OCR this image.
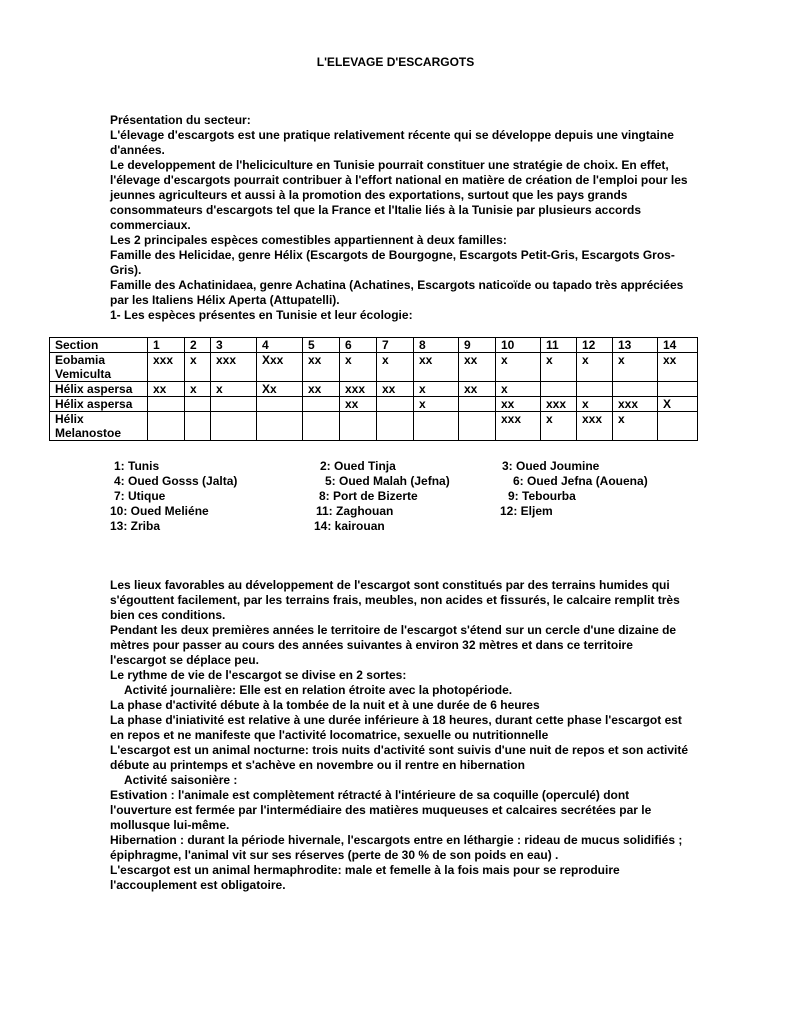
L'ELEVAGE D'ESCARGOTS
Présentation du secteur:
L'élevage d'escargots est une pratique relativement récente qui se développe depuis une vingtaine d'années.
Le developpement de l'heliciculture en Tunisie pourrait constituer une stratégie de choix. En effet, l'élevage d'escargots pourrait contribuer à l'effort national en matière de création de l'emploi pour les jeunnes agriculteurs et aussi à la promotion des exportations, surtout que les pays grands consommateurs d'escargots tel que la France et l'Italie liés à la Tunisie par plusieurs accords commerciaux.
Les 2 principales espèces comestibles appartiennent à deux familles:
Famille des Helicidae, genre Hélix (Escargots de Bourgogne, Escargots Petit-Gris, Escargots Gros-Gris).
Famille des Achatinidaea, genre Achatina (Achatines, Escargots naticoïde ou tapado très appréciées par les Italiens Hélix Aperta (Attupatelli).
1- Les espèces présentes en Tunisie et leur écologie:
Section	1	2	3	4	5	6	7	8	9	10	11	12	13	14
Eobamia Vemiculta	xxx	x	xxx	Xxx	xx	x	x	xx	xx	x	x	x	x	xx
Hélix aspersa	xx	x	x	Xx	xx	xxx	xx	x	xx	x				
Hélix aspersa						xx		x		xx	xxx	x	xxx	X
Hélix Melanostoe										xxx	x	xxx	x	
1: Tunis	2: Oued Tinja	3: Oued Joumine
4: Oued Gosss (Jalta)	5: Oued Malah (Jefna)	6: Oued Jefna (Aouena)
7: Utique	8: Port de Bizerte	9: Tebourba
10: Oued Meliéne	11: Zaghouan	12: Eljem
13: Zriba	14: kairouan
Les lieux favorables au développement de l'escargot sont constitués par des terrains humides qui s'égouttent facilement, par les terrains frais, meubles, non acides et fissurés, le calcaire remplit très bien ces conditions.
Pendant les deux premières années le territoire de l'escargot s'étend sur un cercle d'une dizaine de mètres pour passer au cours des années suivantes à environ 32 mètres et dans ce territoire l'escargot se déplace peu.
Le rythme de vie de l'escargot se divise en 2 sortes:
Activité journalière: Elle est en relation étroite avec la photopériode.
La phase d'activité débute à la tombée de la nuit et à une durée de 6 heures
La phase d'iniativité est relative à une durée inférieure à 18 heures, durant cette phase l'escargot est en repos et ne manifeste que l'activité locomatrice, sexuelle ou nutritionnelle
L'escargot est un animal nocturne: trois nuits d'activité sont suivis d'une nuit de repos et son activité débute au printemps et s'achève en novembre ou il rentre en hibernation
Activité saisonière :
Estivation : l'animale est complètement rétracté à l'intérieure de sa coquille (operculé) dont l'ouverture est fermée par l'intermédiaire des matières muqueuses et calcaires secrétées par le mollusque lui-même.
Hibernation : durant la période hivernale, l'escargots entre en léthargie : rideau de mucus solidifiés ; épiphragme, l'animal vit sur ses réserves (perte de 30 % de son poids en eau) .
L'escargot est un animal hermaphrodite: male et femelle à la fois mais pour se reproduire l'accouplement est obligatoire.
